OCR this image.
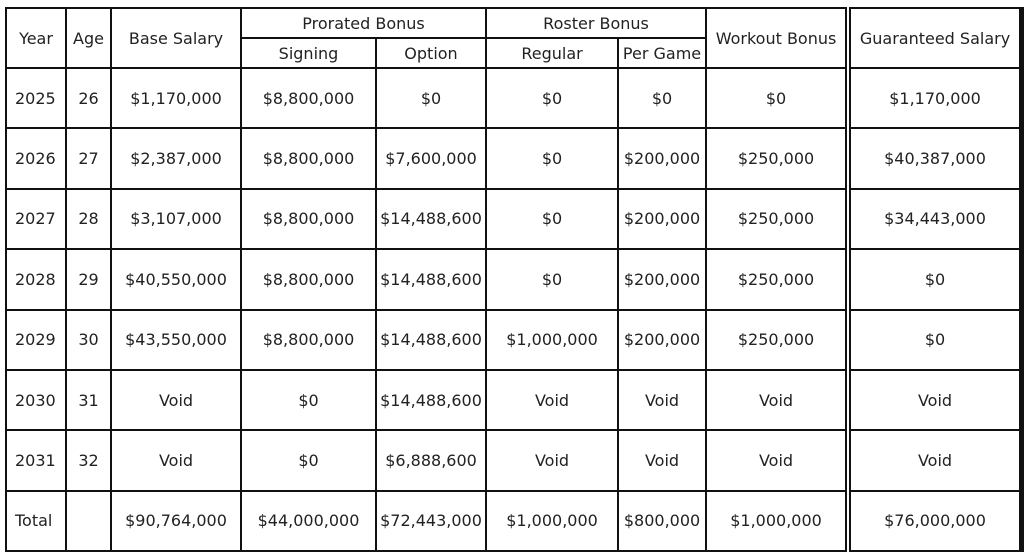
Year	Age	Base Salary	Prorated Bonus		Roster Bonus		Workout Bonus	Guaranteed Salary
			Signing	Option	Regular	Per Game		
2025	26	$1,170,000	$8,800,000	$0	$0	$0	$0	$1,170,000
2026	27	$2,387,000	$8,800,000	$7,600,000	$0	$200,000	$250,000	$40,387,000
2027	28	$3,107,000	$8,800,000	$14,488,600	$0	$200,000	$250,000	$34,443,000
2028	29	$40,550,000	$8,800,000	$14,488,600	$0	$200,000	$250,000	$0
2029	30	$43,550,000	$8,800,000	$14,488,600	$1,000,000	$200,000	$250,000	$0
2030	31	Void	$0	$14,488,600	Void	Void	Void	Void
2031	32	Void	$0	$6,888,600	Void	Void	Void	Void
Total		$90,764,000	$44,000,000	$72,443,000	$1,000,000	$800,000	$1,000,000	$76,000,000
